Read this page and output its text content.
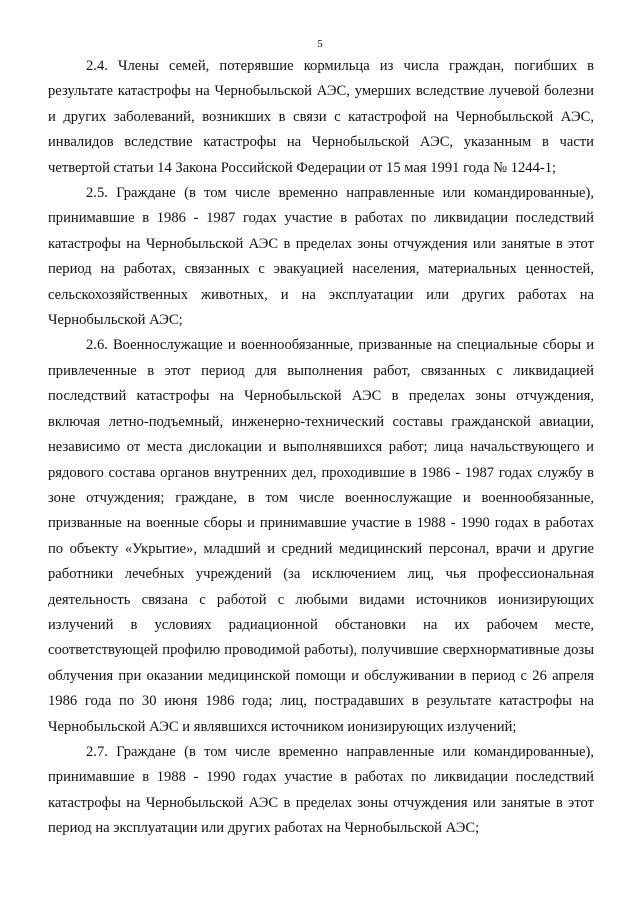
5

2.4. Члены семей, потерявшие кормильца из числа граждан, погибших в результате катастрофы на Чернобыльской АЭС, умерших вследствие лучевой болезни и других заболеваний, возникших в связи с катастрофой на Чернобыльской АЭС, инвалидов вследствие катастрофы на Чернобыльской АЭС, указанным в части четвертой статьи 14 Закона Российской Федерации от 15 мая 1991 года № 1244-1;

2.5. Граждане (в том числе временно направленные или командированные), принимавшие в 1986 - 1987 годах участие в работах по ликвидации последствий катастрофы на Чернобыльской АЭС в пределах зоны отчуждения или занятые в этот период на работах, связанных с эвакуацией населения, материальных ценностей, сельскохозяйственных животных, и на эксплуатации или других работах на Чернобыльской АЭС;

2.6. Военнослужащие и военнообязанные, призванные на специальные сборы и привлеченные в этот период для выполнения работ, связанных с ликвидацией последствий катастрофы на Чернобыльской АЭС в пределах зоны отчуждения, включая летно-подъемный, инженерно-технический составы гражданской авиации, независимо от места дислокации и выполнявшихся работ; лица начальствующего и рядового состава органов внутренних дел, проходившие в 1986 - 1987 годах службу в зоне отчуждения; граждане, в том числе военнослужащие и военнообязанные, призванные на военные сборы и принимавшие участие в 1988 - 1990 годах в работах по объекту «Укрытие», младший и средний медицинский персонал, врачи и другие работники лечебных учреждений (за исключением лиц, чья профессиональная деятельность связана с работой с любыми видами источников ионизирующих излучений в условиях радиационной обстановки на их рабочем месте, соответствующей профилю проводимой работы), получившие сверхнормативные дозы облучения при оказании медицинской помощи и обслуживании в период с 26 апреля 1986 года по 30 июня 1986 года; лиц, пострадавших в результате катастрофы на Чернобыльской АЭС и являвшихся источником ионизирующих излучений;

2.7. Граждане (в том числе временно направленные или командированные), принимавшие в 1988 - 1990 годах участие в работах по ликвидации последствий катастрофы на Чернобыльской АЭС в пределах зоны отчуждения или занятые в этот период на эксплуатации или других работах на Чернобыльской АЭС;
